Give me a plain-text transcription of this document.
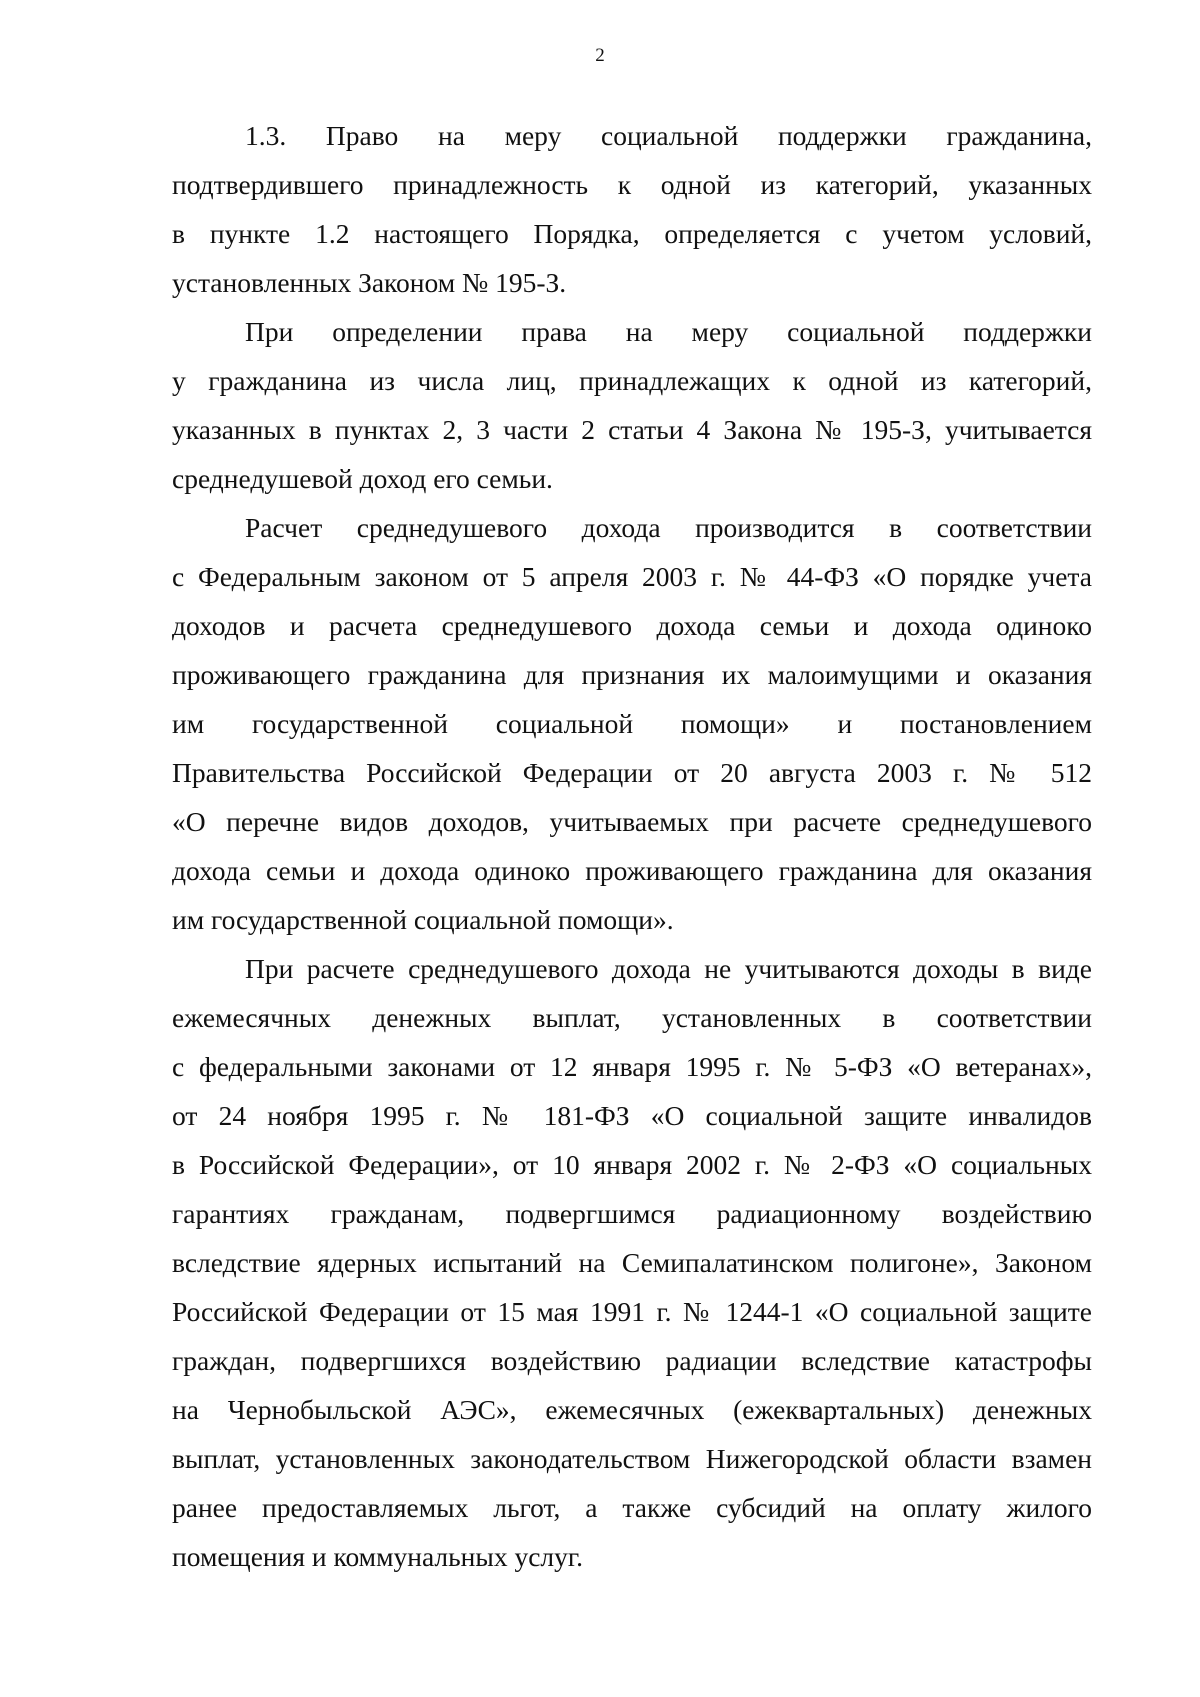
2
1.3. Право на меру социальной поддержки гражданина,
подтвердившего принадлежность к одной из категорий, указанных
в пункте 1.2 настоящего Порядка, определяется с учетом условий,
установленных Законом № 195-З.
При определении права на меру социальной поддержки
у гражданина из числа лиц, принадлежащих к одной из категорий,
указанных в пунктах 2, 3 части 2 статьи 4 Закона № 195-З, учитывается
среднедушевой доход его семьи.
Расчет среднедушевого дохода производится в соответствии
с Федеральным законом от 5 апреля 2003 г. № 44-ФЗ «О порядке учета
доходов и расчета среднедушевого дохода семьи и дохода одиноко
проживающего гражданина для признания их малоимущими и оказания
им государственной социальной помощи» и постановлением
Правительства Российской Федерации от 20 августа 2003 г. № 512
«О перечне видов доходов, учитываемых при расчете среднедушевого
дохода семьи и дохода одиноко проживающего гражданина для оказания
им государственной социальной помощи».
При расчете среднедушевого дохода не учитываются доходы в виде
ежемесячных денежных выплат, установленных в соответствии
с федеральными законами от 12 января 1995 г. № 5-ФЗ «О ветеранах»,
от 24 ноября 1995 г. № 181-ФЗ «О социальной защите инвалидов
в Российской Федерации», от 10 января 2002 г. № 2-ФЗ «О социальных
гарантиях гражданам, подвергшимся радиационному воздействию
вследствие ядерных испытаний на Семипалатинском полигоне», Законом
Российской Федерации от 15 мая 1991 г. № 1244-1 «О социальной защите
граждан, подвергшихся воздействию радиации вследствие катастрофы
на Чернобыльской АЭС», ежемесячных (ежеквартальных) денежных
выплат, установленных законодательством Нижегородской области взамен
ранее предоставляемых льгот, а также субсидий на оплату жилого
помещения и коммунальных услуг.
